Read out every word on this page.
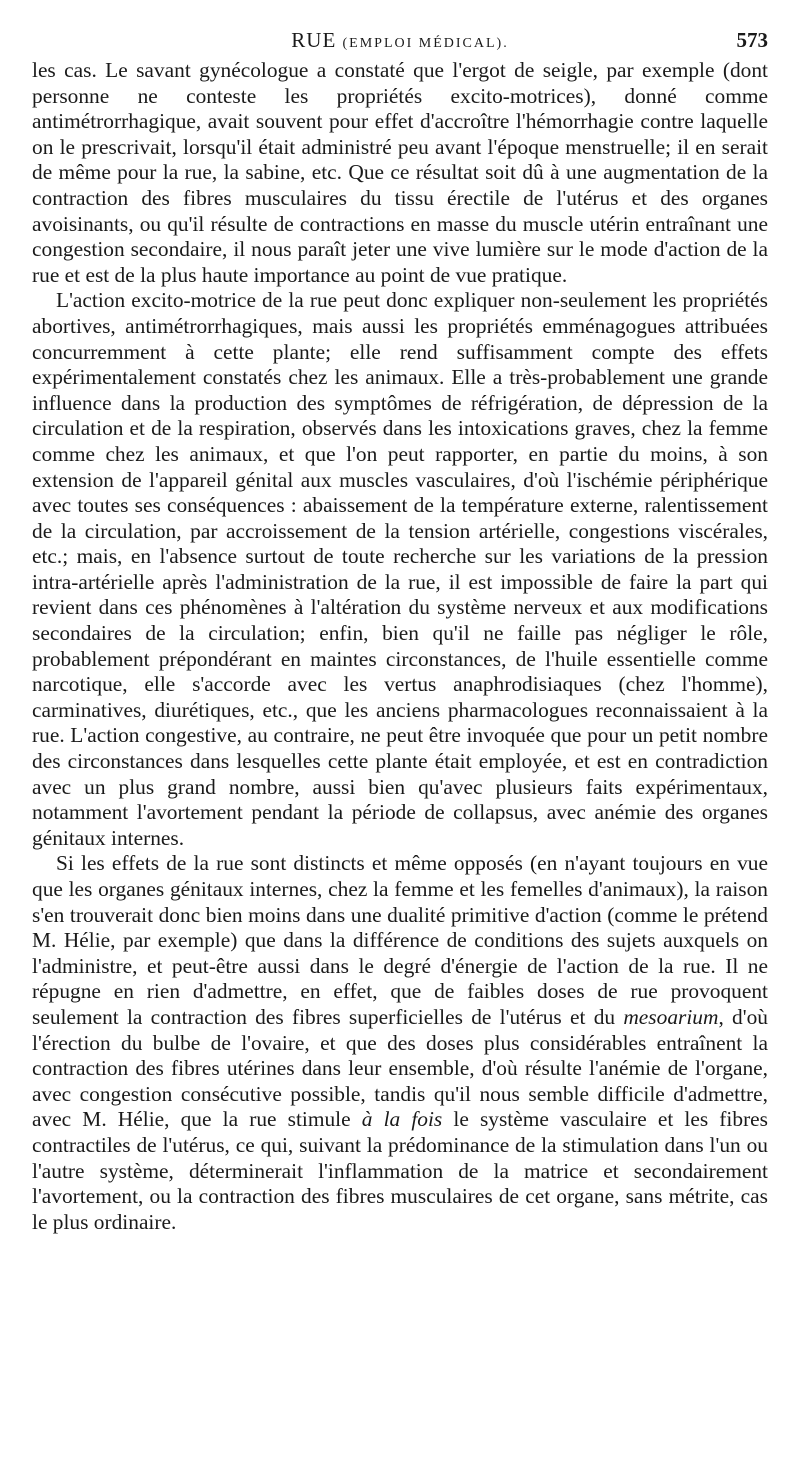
RUE (EMPLOI MÉDICAL).	573

les cas. Le savant gynécologue a constaté que l'ergot de seigle, par exemple (dont personne ne conteste les propriétés excito-motrices), donné comme antimétrorrhagique, avait souvent pour effet d'accroître l'hémorrhagie contre laquelle on le prescrivait, lorsqu'il était administré peu avant l'époque menstruelle; il en serait de même pour la rue, la sabine, etc. Que ce résultat soit dû à une augmentation de la contraction des fibres musculaires du tissu érectile de l'utérus et des organes avoisinants, ou qu'il résulte de contractions en masse du muscle utérin entraînant une congestion secondaire, il nous paraît jeter une vive lumière sur le mode d'action de la rue et est de la plus haute importance au point de vue pratique.

L'action excito-motrice de la rue peut donc expliquer non-seulement les propriétés abortives, antimétrorrhagiques, mais aussi les propriétés emménagogues attribuées concurremment à cette plante; elle rend suffisamment compte des effets expérimentalement constatés chez les animaux. Elle a très-probablement une grande influence dans la production des symptômes de réfrigération, de dépression de la circulation et de la respiration, observés dans les intoxications graves, chez la femme comme chez les animaux, et que l'on peut rapporter, en partie du moins, à son extension de l'appareil génital aux muscles vasculaires, d'où l'ischémie périphérique avec toutes ses conséquences : abaissement de la température externe, ralentissement de la circulation, par accroissement de la tension artérielle, congestions viscérales, etc.; mais, en l'absence surtout de toute recherche sur les variations de la pression intra-artérielle après l'administration de la rue, il est impossible de faire la part qui revient dans ces phénomènes à l'altération du système nerveux et aux modifications secondaires de la circulation; enfin, bien qu'il ne faille pas négliger le rôle, probablement prépondérant en maintes circonstances, de l'huile essentielle comme narcotique, elle s'accorde avec les vertus anaphrodisiaques (chez l'homme), carminatives, diurétiques, etc., que les anciens pharmacologues reconnaissaient à la rue. L'action congestive, au contraire, ne peut être invoquée que pour un petit nombre des circonstances dans lesquelles cette plante était employée, et est en contradiction avec un plus grand nombre, aussi bien qu'avec plusieurs faits expérimentaux, notamment l'avortement pendant la période de collapsus, avec anémie des organes génitaux internes.

Si les effets de la rue sont distincts et même opposés (en n'ayant toujours en vue que les organes génitaux internes, chez la femme et les femelles d'animaux), la raison s'en trouverait donc bien moins dans une dualité primitive d'action (comme le prétend M. Hélie, par exemple) que dans la différence de conditions des sujets auxquels on l'administre, et peut-être aussi dans le degré d'énergie de l'action de la rue. Il ne répugne en rien d'admettre, en effet, que de faibles doses de rue provoquent seulement la contraction des fibres superficielles de l'utérus et du mesoarium, d'où l'érection du bulbe de l'ovaire, et que des doses plus considérables entraînent la contraction des fibres utérines dans leur ensemble, d'où résulte l'anémie de l'organe, avec congestion consécutive possible, tandis qu'il nous semble difficile d'admettre, avec M. Hélie, que la rue stimule à la fois le système vasculaire et les fibres contractiles de l'utérus, ce qui, suivant la prédominance de la stimulation dans l'un ou l'autre système, déterminerait l'inflammation de la matrice et secondairement l'avortement, ou la contraction des fibres musculaires de cet organe, sans métrite, cas le plus ordinaire.
